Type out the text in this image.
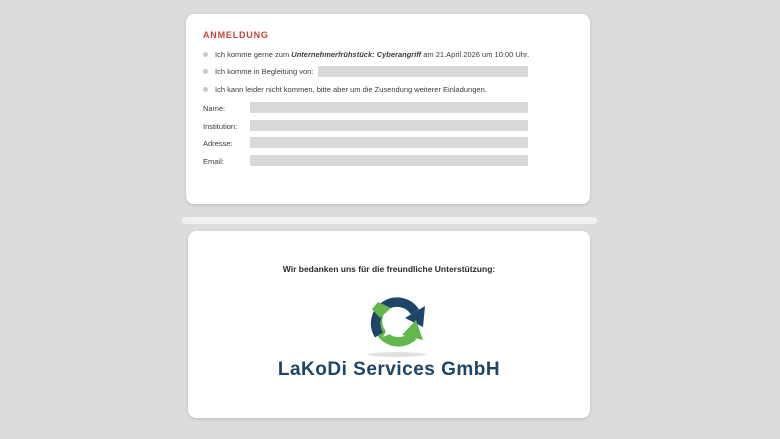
ANMELDUNG
Ich komme gerne zum Unternehmerfrühstück: Cyberangriff am 21.April 2026 um 10:00 Uhr.
Ich komme in Begleitung von:
Ich kann leider nicht kommen, bitte aber um die Zusendung weiterer Einladungen.
Name:
Institution:
Adresse:
Email:
Wir bedanken uns für die freundliche Unterstützung:
LaKoDi Services GmbH
